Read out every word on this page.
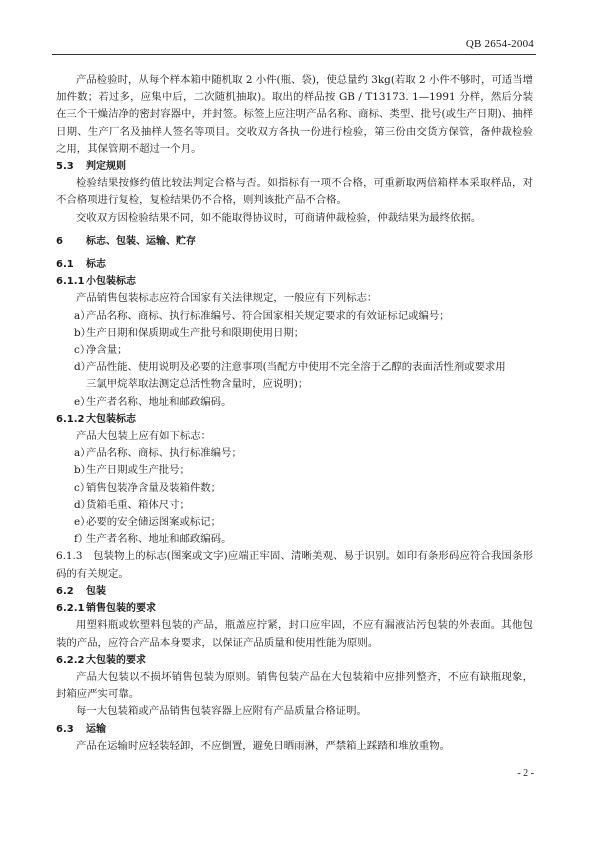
QB 2654-2004

产品检验时，从每个样本箱中随机取 2 小件(瓶、袋)，使总量约 3kg(若取 2 小件不够时，可适当增加件数；若过多，应集中后，二次随机抽取)。取出的样品按 GB / T13173. 1—1991 分样，然后分装在三个干燥洁净的密封容器中，并封签。标签上应注明产品名称、商标、类型、批号(或生产日期)、抽样日期、生产厂名及抽样人签名等项目。交收双方各执一份进行检验，第三份由交货方保管，备仲裁检验之用，其保管期不超过一个月。

5.3 判定规则

检验结果按修约值比较法判定合格与否。如指标有一项不合格，可重新取两倍箱样本采取样品，对不合格项进行复检，复检结果仍不合格，则判该批产品不合格。

交收双方因检验结果不同，如不能取得协议时，可商请仲裁检验，仲裁结果为最终依据。

6 标志、包装、运输、贮存

6.1 标志

6.1.1 小包装标志

产品销售包装标志应符合国家有关法律规定，一般应有下列标志：

a）
产品名称、商标、执行标准编号、符合国家相关规定要求的有效证标记或编号；

b）
生产日期和保质期或生产批号和限期使用日期；

c）
净含量；

d）
产品性能、使用说明及必要的注意事项(当配方中使用不完全溶于乙醇的表面活性剂或要求用

三氯甲烷萃取法测定总活性物含量时，应说明)；

e）
生产者名称、地址和邮政编码。

6.1.2 大包装标志

产品大包装上应有如下标志：

a）
产品名称、商标、执行标准编号；

b）
生产日期或生产批号；

c）
销售包装净含量及装箱件数；

d）
货箱毛重、箱体尺寸；

e）
必要的安全储运图案或标记；

f）
生产者名称、地址和邮政编码。

6.1.3　包装物上的标志(图案或文字)应端正牢固、清晰美观、易于识别。如印有条形码应符合我国条形码的有关规定。

6.2 包装

6.2.1 销售包装的要求

用塑料瓶或软塑料包装的产品，瓶盖应拧紧，封口应牢固，不应有漏液沾污包装的外表面。其他包装的产品，应符合产品本身要求，以保证产品质量和使用性能为原则。

6.2.2 大包装的要求

产品大包装以不损坏销售包装为原则。销售包装产品在大包装箱中应排列整齐，不应有缺瓶现象，封箱应严实可靠。

每一大包装箱或产品销售包装容器上应附有产品质量合格证明。

6.3 运输

产品在运输时应轻装轻卸，不应倒置，避免日晒雨淋，严禁箱上踩踏和堆放重物。

- 2 -
